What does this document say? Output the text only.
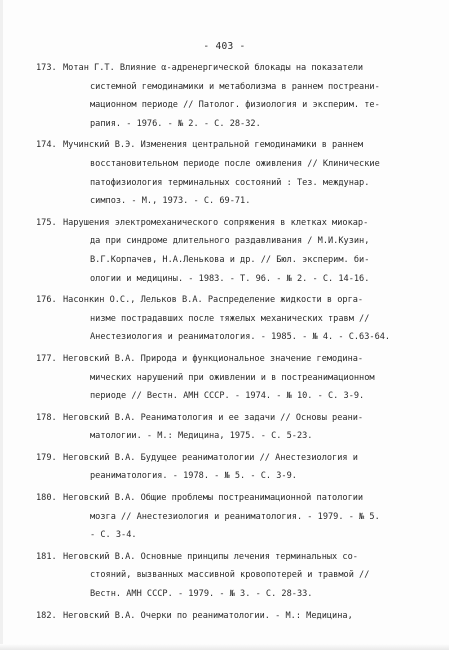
- 403 -
173. Мотан Г.Т. Влияние α-адренергической блокады на показатели
системной гемодинамики и метаболизма в раннем постреани-
мационном периоде // Патолог. физиология и эксперим. те-
рапия. - 1976. - № 2. - С. 28-32.
174. Мучинский В.Э. Изменения центральной гемодинамики в раннем
восстановительном периоде после оживления // Клинические
патофизиология терминальных состояний : Тез. междунар.
симпоз. - М., 1973. - С. 69-71.
175. Нарушения электромеханического сопряжения в клетках миокар-
да при синдроме длительного раздавливания / М.И.Кузин,
В.Г.Корпачев, Н.А.Ленькова и др. // Бюл. эксперим. би-
ологии и медицины. - 1983. - Т. 96. - № 2. - С. 14-16.
176. Насонкин О.С., Лельков В.А. Распределение жидкости в орга-
низме пострадавших после тяжелых механических травм //
Анестезиология и реаниматология. - 1985. - № 4. - С.63-64.
177. Неговский В.А. Природа и функциональное значение гемодина-
мических нарушений при оживлении и в постреанимационном
периоде // Вестн. АМН СССР. - 1974. - № 10. - С. 3-9.
178. Неговский В.А. Реаниматология и ее задачи // Основы реани-
матологии. - М.: Медицина, 1975. - С. 5-23.
179. Неговский В.А. Будущее реаниматологии // Анестезиология и
реаниматология. - 1978. - № 5. - С. 3-9.
180. Неговский В.А. Общие проблемы постреанимационной патологии
мозга // Анестезиология и реаниматология. - 1979. - № 5.
- С. 3-4.
181. Неговский В.А. Основные принципы лечения терминальных со-
стояний, вызванных массивной кровопотерей и травмой //
Вестн. АМН СССР. - 1979. - № 3. - С. 28-33.
182. Неговский В.А. Очерки по реаниматологии. - М.: Медицина,
